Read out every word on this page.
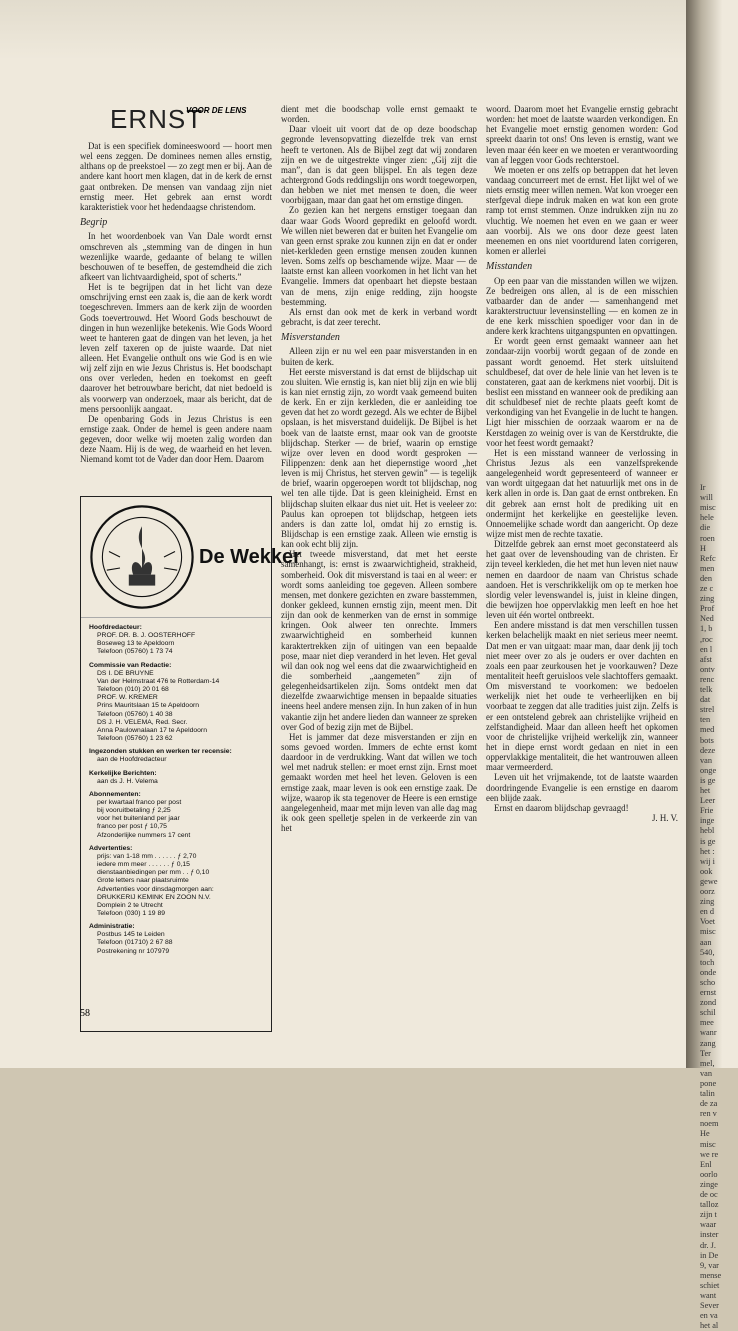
ERNST
VOOR DE LENS

Dat is een specifiek domineeswoord — hoort men wel eens zeggen. De dominees nemen alles ernstig, althans op de preekstoel — zo zegt men er bij. Aan de andere kant hoort men klagen, dat in de kerk de ernst gaat ontbreken. De mensen van vandaag zijn niet ernstig meer. Het gebrek aan ernst wordt karakteristiek voor het hedendaagse christendom.

Begrip

In het woordenboek van Van Dale wordt ernst omschreven als „stemming van de dingen in hun wezenlijke waarde, gedaante of belang te willen beschouwen of te beseffen, de gestemdheid die zich afkeert van lichtvaardigheid, spot of scherts.”

Het is te begrijpen dat in het licht van deze omschrijving ernst een zaak is, die aan de kerk wordt toegeschreven. Immers aan de kerk zijn de woorden Gods toevertrouwd. Het Woord Gods beschouwt de dingen in hun wezenlijke betekenis. Wie Gods Woord weet te hanteren gaat de dingen van het leven, ja het leven zelf taxeren op de juiste waarde. Dat niet alleen. Het Evangelie onthult ons wie God is en wie wij zelf zijn en wie Jezus Christus is. Het boodschapt ons over verleden, heden en toekomst en geeft daarover het betrouwbare bericht, dat niet bedoeld is als voorwerp van onderzoek, maar als bericht, dat de mens persoonlijk aangaat.

De openbaring Gods in Jezus Christus is een ernstige zaak. Onder de hemel is geen andere naam gegeven, door welke wij moeten zalig worden dan deze Naam. Hij is de weg, de waarheid en het leven. Niemand komt tot de Vader dan door Hem. Daarom

De Wekker
Hoofdredacteur:
PROF. DR. B. J. OOSTERHOFF
Boseweg 13 te Apeldoorn
Telefoon (05760) 1 73 74
Commissie van Redactie:
DS I. DE BRUYNE
Van der Helmstraat 476 te Rotterdam-14
Telefoon (010) 20 01 68
PROF. W. KREMER
Prins Mauritslaan 15 te Apeldoorn
Telefoon (05760) 1 40 38
DS J. H. VELEMA, Red. Secr.
Anna Paulownalaan 17 te Apeldoorn
Telefoon (05760) 1 23 62
Ingezonden stukken en werken ter recensie:
aan de Hoofdredacteur
Kerkelijke Berichten:
aan ds J. H. Velema
Abonnementen:
per kwartaal franco per post
bij vooruitbetaling ƒ 2,25
voor het buitenland per jaar
franco per post ƒ 10,75
Afzonderlijke nummers 17 cent
Advertenties:
prijs: van 1-18 mm . . . . . . ƒ 2,70
iedere mm meer . . . . . . ƒ 0,15
dienstaanbiedingen per mm . . ƒ 0,10
Grote letters naar plaatsruimte
Advertenties voor dinsdagmorgen aan:
DRUKKERIJ KEMINK EN ZOON N.V.
Domplein 2 te Utrecht
Telefoon (030) 1 19 89
Administratie:
Postbus 145 te Leiden
Telefoon (01710) 2 67 88
Postrekening nr 107979

dient met die boodschap volle ernst gemaakt te worden.

Daar vloeit uit voort dat de op deze boodschap gegronde levensopvatting diezelfde trek van ernst heeft te vertonen. Als de Bijbel zegt dat wij zondaren zijn en we de uitgestrekte vinger zien: „Gij zijt die man”, dan is dat geen blijspel. En als tegen deze achtergrond Gods reddingslijn ons wordt toegeworpen, dan hebben we niet met mensen te doen, die weer voorbijgaan, maar dan gaat het om ernstige dingen.

Zo gezien kan het nergens ernstiger toegaan dan daar waar Gods Woord gepredikt en geloofd wordt. We willen niet beweren dat er buiten het Evangelie om van geen ernst sprake zou kunnen zijn en dat er onder niet-kerkleden geen ernstige mensen zouden kunnen leven. Soms zelfs op beschamende wijze. Maar — de laatste ernst kan alleen voorkomen in het licht van het Evangelie. Immers dat openbaart het diepste bestaan van de mens, zijn enige redding, zijn hoogste bestemming.

Als ernst dan ook met de kerk in verband wordt gebracht, is dat zeer terecht.

Misverstanden

Alleen zijn er nu wel een paar misverstanden in en buiten de kerk.

Het eerste misverstand is dat ernst de blijdschap uit zou sluiten. Wie ernstig is, kan niet blij zijn en wie blij is kan niet ernstig zijn, zo wordt vaak gemeend buiten de kerk. En er zijn kerkleden, die er aanleiding toe geven dat het zo wordt gezegd. Als we echter de Bijbel opslaan, is het misverstand duidelijk. De Bijbel is het boek van de laatste ernst, maar ook van de grootste blijdschap. Sterker — de brief, waarin op ernstige wijze over leven en dood wordt gesproken — Filippenzen: denk aan het diepernstige woord „het leven is mij Christus, het sterven gewin” — is tegelijk de brief, waarin opgeroepen wordt tot blijdschap, nog wel ten alle tijde. Dat is geen kleinigheid. Ernst en blijdschap sluiten elkaar dus niet uit. Het is veeleer zo: Paulus kan oproepen tot blijdschap, hetgeen iets anders is dan zatte lol, omdat hij zo ernstig is. Blijdschap is een ernstige zaak. Alleen wie ernstig is kan ook echt blij zijn.

Het tweede misverstand, dat met het eerste samenhangt, is: ernst is zwaarwichtigheid, strakheid, somberheid. Ook dit misverstand is taai en al weer: er wordt soms aanleiding toe gegeven. Alleen sombere mensen, met donkere gezichten en zware basstemmen, donker gekleed, kunnen ernstig zijn, meent men. Dit zijn dan ook de kenmerken van de ernst in sommige kringen. Ook alweer ten onrechte. Immers zwaarwichtigheid en somberheid kunnen karaktertrekken zijn of uitingen van een bepaalde pose, maar niet diep veranderd in het leven. Het geval wil dan ook nog wel eens dat die zwaarwichtigheid en die somberheid „aangemeten” zijn of gelegenheidsartikelen zijn. Soms ontdekt men dat diezelfde zwaarwichtige mensen in bepaalde situaties ineens heel andere mensen zijn. In hun zaken of in hun vakantie zijn het andere lieden dan wanneer ze spreken over God of bezig zijn met de Bijbel.

Het is jammer dat deze misverstanden er zijn en soms gevoed worden. Immers de echte ernst komt daardoor in de verdrukking. Want dat willen we toch wel met nadruk stellen: er moet ernst zijn. Ernst moet gemaakt worden met heel het leven. Geloven is een ernstige zaak, maar leven is ook een ernstige zaak. De wijze, waarop ik sta tegenover de Heere is een ernstige aangelegenheid, maar met mijn leven van alle dag mag ik ook geen spelletje spelen in de verkeerde zin van het

woord. Daarom moet het Evangelie ernstig gebracht worden: het moet de laatste waarden verkondigen. En het Evangelie moet ernstig genomen worden: God spreekt daarin tot ons! Ons leven is ernstig, want we leven maar één keer en we moeten er verantwoording van af leggen voor Gods rechterstoel.

We moeten er ons zelfs op betrappen dat het leven vandaag concurreert met de ernst. Het lijkt wel of we niets ernstig meer willen nemen. Wat kon vroeger een sterfgeval diepe indruk maken en wat kon een grote ramp tot ernst stemmen. Onze indrukken zijn nu zo vluchtig. We noemen het even en we gaan er weer aan voorbij. Als we ons door deze geest laten meenemen en ons niet voortdurend laten corrigeren, komen er allerlei

Misstanden

Op een paar van die misstanden willen we wijzen. Ze bedreigen ons allen, al is de een misschien vatbaarder dan de ander — samenhangend met karakterstructuur levensinstelling — en komen ze in de ene kerk misschien spoediger voor dan in de andere kerk krachtens uitgangspunten en opvattingen.

Er wordt geen ernst gemaakt wanneer aan het zondaar-zijn voorbij wordt gegaan of de zonde en passant wordt genoemd. Het sterk uitsluitend schuldbesef, dat over de hele linie van het leven is te constateren, gaat aan de kerkmens niet voorbij. Dit is beslist een misstand en wanneer ook de prediking aan dit schuldbesef niet de rechte plaats geeft komt de verkondiging van het Evangelie in de lucht te hangen. Ligt hier misschien de oorzaak waarom er na de Kerstdagen zo weinig over is van de Kerstdrukte, die voor het feest wordt gemaakt?

Het is een misstand wanneer de verlossing in Christus Jezus als een vanzelfsprekende aangelegenheid wordt gepresenteerd of wanneer er van wordt uitgegaan dat het natuurlijk met ons in de kerk allen in orde is. Dan gaat de ernst ontbreken. En dit gebrek aan ernst holt de prediking uit en ondermijnt het kerkelijke en geestelijke leven. Onnoemelijke schade wordt dan aangericht. Op deze wijze mist men de rechte taxatie.

Ditzelfde gebrek aan ernst moet geconstateerd als het gaat over de levenshouding van de christen. Er zijn teveel kerkleden, die het met hun leven niet nauw nemen en daardoor de naam van Christus schade aandoen. Het is verschrikkelijk om op te merken hoe slordig veler levenswandel is, juist in kleine dingen, die bewijzen hoe oppervlakkig men leeft en hoe het leven uit één wortel ontbreekt.

Een andere misstand is dat men verschillen tussen kerken belachelijk maakt en niet serieus meer neemt. Dat men er van uitgaat: maar man, daar denk jij toch niet meer over zo als je ouders er over dachten en zoals een paar zeurkousen het je voorkauwen? Deze mentaliteit heeft geruisloos vele slachtoffers gemaakt. Om misverstand te voorkomen: we bedoelen werkelijk niet het oude te verheerlijken en bij voorbaat te zeggen dat alle tradities juist zijn. Zelfs is er een ontstelend gebrek aan christelijke vrijheid en zelfstandigheid. Maar dan alleen heeft het opkomen voor de christelijke vrijheid werkelijk zin, wanneer het in diepe ernst wordt gedaan en niet in een oppervlakkige mentaliteit, die het wantrouwen alleen maar vermeerderd.

Leven uit het vrijmakende, tot de laatste waarden doordringende Evangelie is een ernstige en daarom een blijde zaak.

Ernst en daarom blijdschap gevraagd!

J. H. V.

58
Ir
will
misc
hele
die
roen
H
Refc
men
den
ze c
zing
Prof
Ned
1, b
,roc
en l
afst
ontv
renc
telk
dat
strel
ten
med
bots
deze
van
onge
is ge
het
Leer
Frie
inge
hebl
is ge
het :
wij i
ook
gewe
oorz
zing
en d
Voet
misc
aan
540,
toch
onde
scho
ernst
zond
schil
mee
wanr
zang
Ter
mel,
van
pone
talin
de za
ren v
noem
He
misc
we re
Enl
oorlo
zinge
de oc
talloz
zijn t
waar
inster
dr. J.
in De
9, var
mense
schiet
want
Sever
en va
het al
